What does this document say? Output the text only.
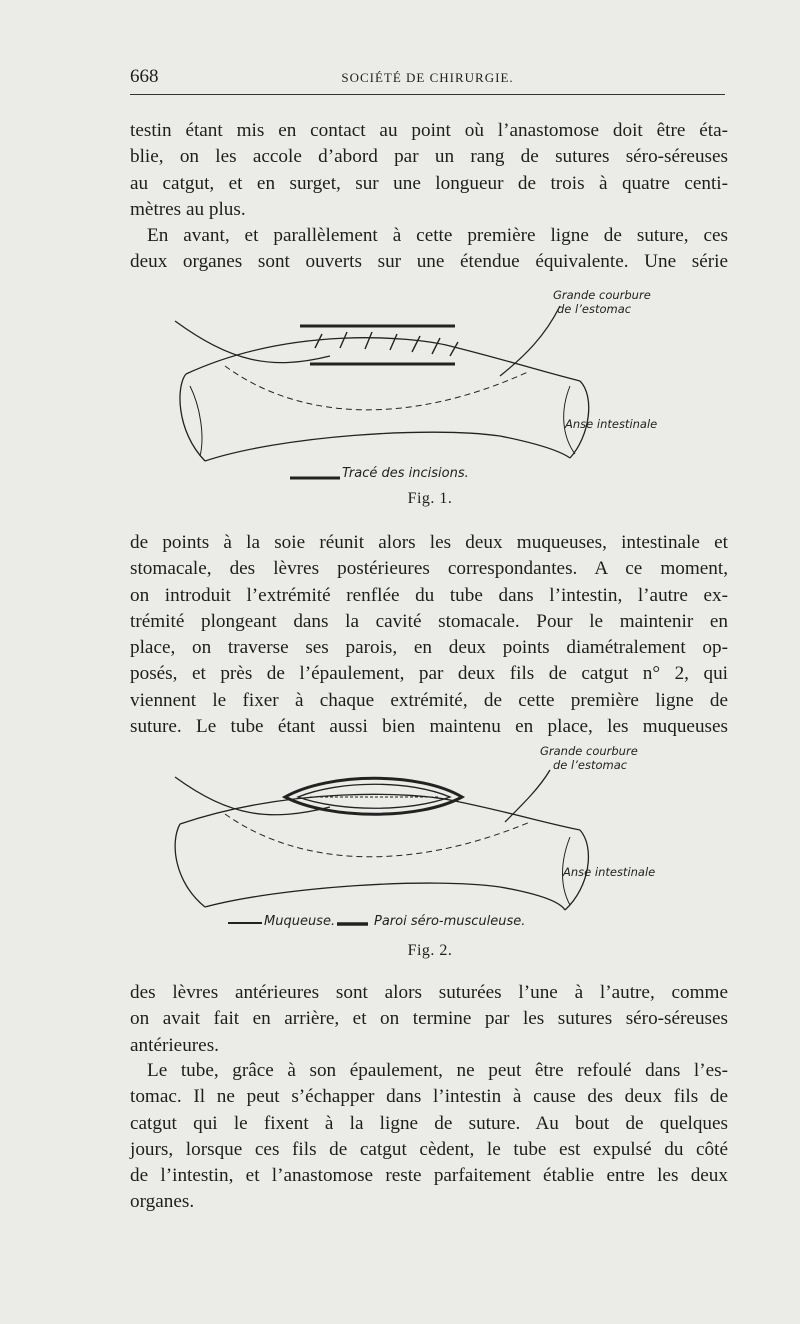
668	SOCIÉTÉ DE CHIRURGIE.

testin étant mis en contact au point où l’anastomose doit être éta-
blie, on les accole d’abord par un rang de sutures séro-séreuses
au catgut, et en surget, sur une longueur de trois à quatre centi-
mètres au plus.

En avant, et parallèlement à cette première ligne de suture, ces
deux organes sont ouverts sur une étendue équivalente. Une série

Grande courbure
de l’estomac
Anse intestinale
Tracé des incisions.
Fig. 1.

de points à la soie réunit alors les deux muqueuses, intestinale et
stomacale, des lèvres postérieures correspondantes. A ce moment,
on introduit l’extrémité renflée du tube dans l’intestin, l’autre ex-
trémité plongeant dans la cavité stomacale. Pour le maintenir en
place, on traverse ses parois, en deux points diamétralement op-
posés, et près de l’épaulement, par deux fils de catgut n° 2, qui
viennent le fixer à chaque extrémité, de cette première ligne de
suture. Le tube étant aussi bien maintenu en place, les muqueuses

Grande courbure
de l’estomac
Anse intestinale
Muqueuse.	Paroi séro-musculeuse.
Fig. 2.

des lèvres antérieures sont alors suturées l’une à l’autre, comme
on avait fait en arrière, et on termine par les sutures séro-séreuses
antérieures.

Le tube, grâce à son épaulement, ne peut être refoulé dans l’es-
tomac. Il ne peut s’échapper dans l’intestin à cause des deux fils de
catgut qui le fixent à la ligne de suture. Au bout de quelques
jours, lorsque ces fils de catgut cèdent, le tube est expulsé du côté
de l’intestin, et l’anastomose reste parfaitement établie entre les deux
organes.
